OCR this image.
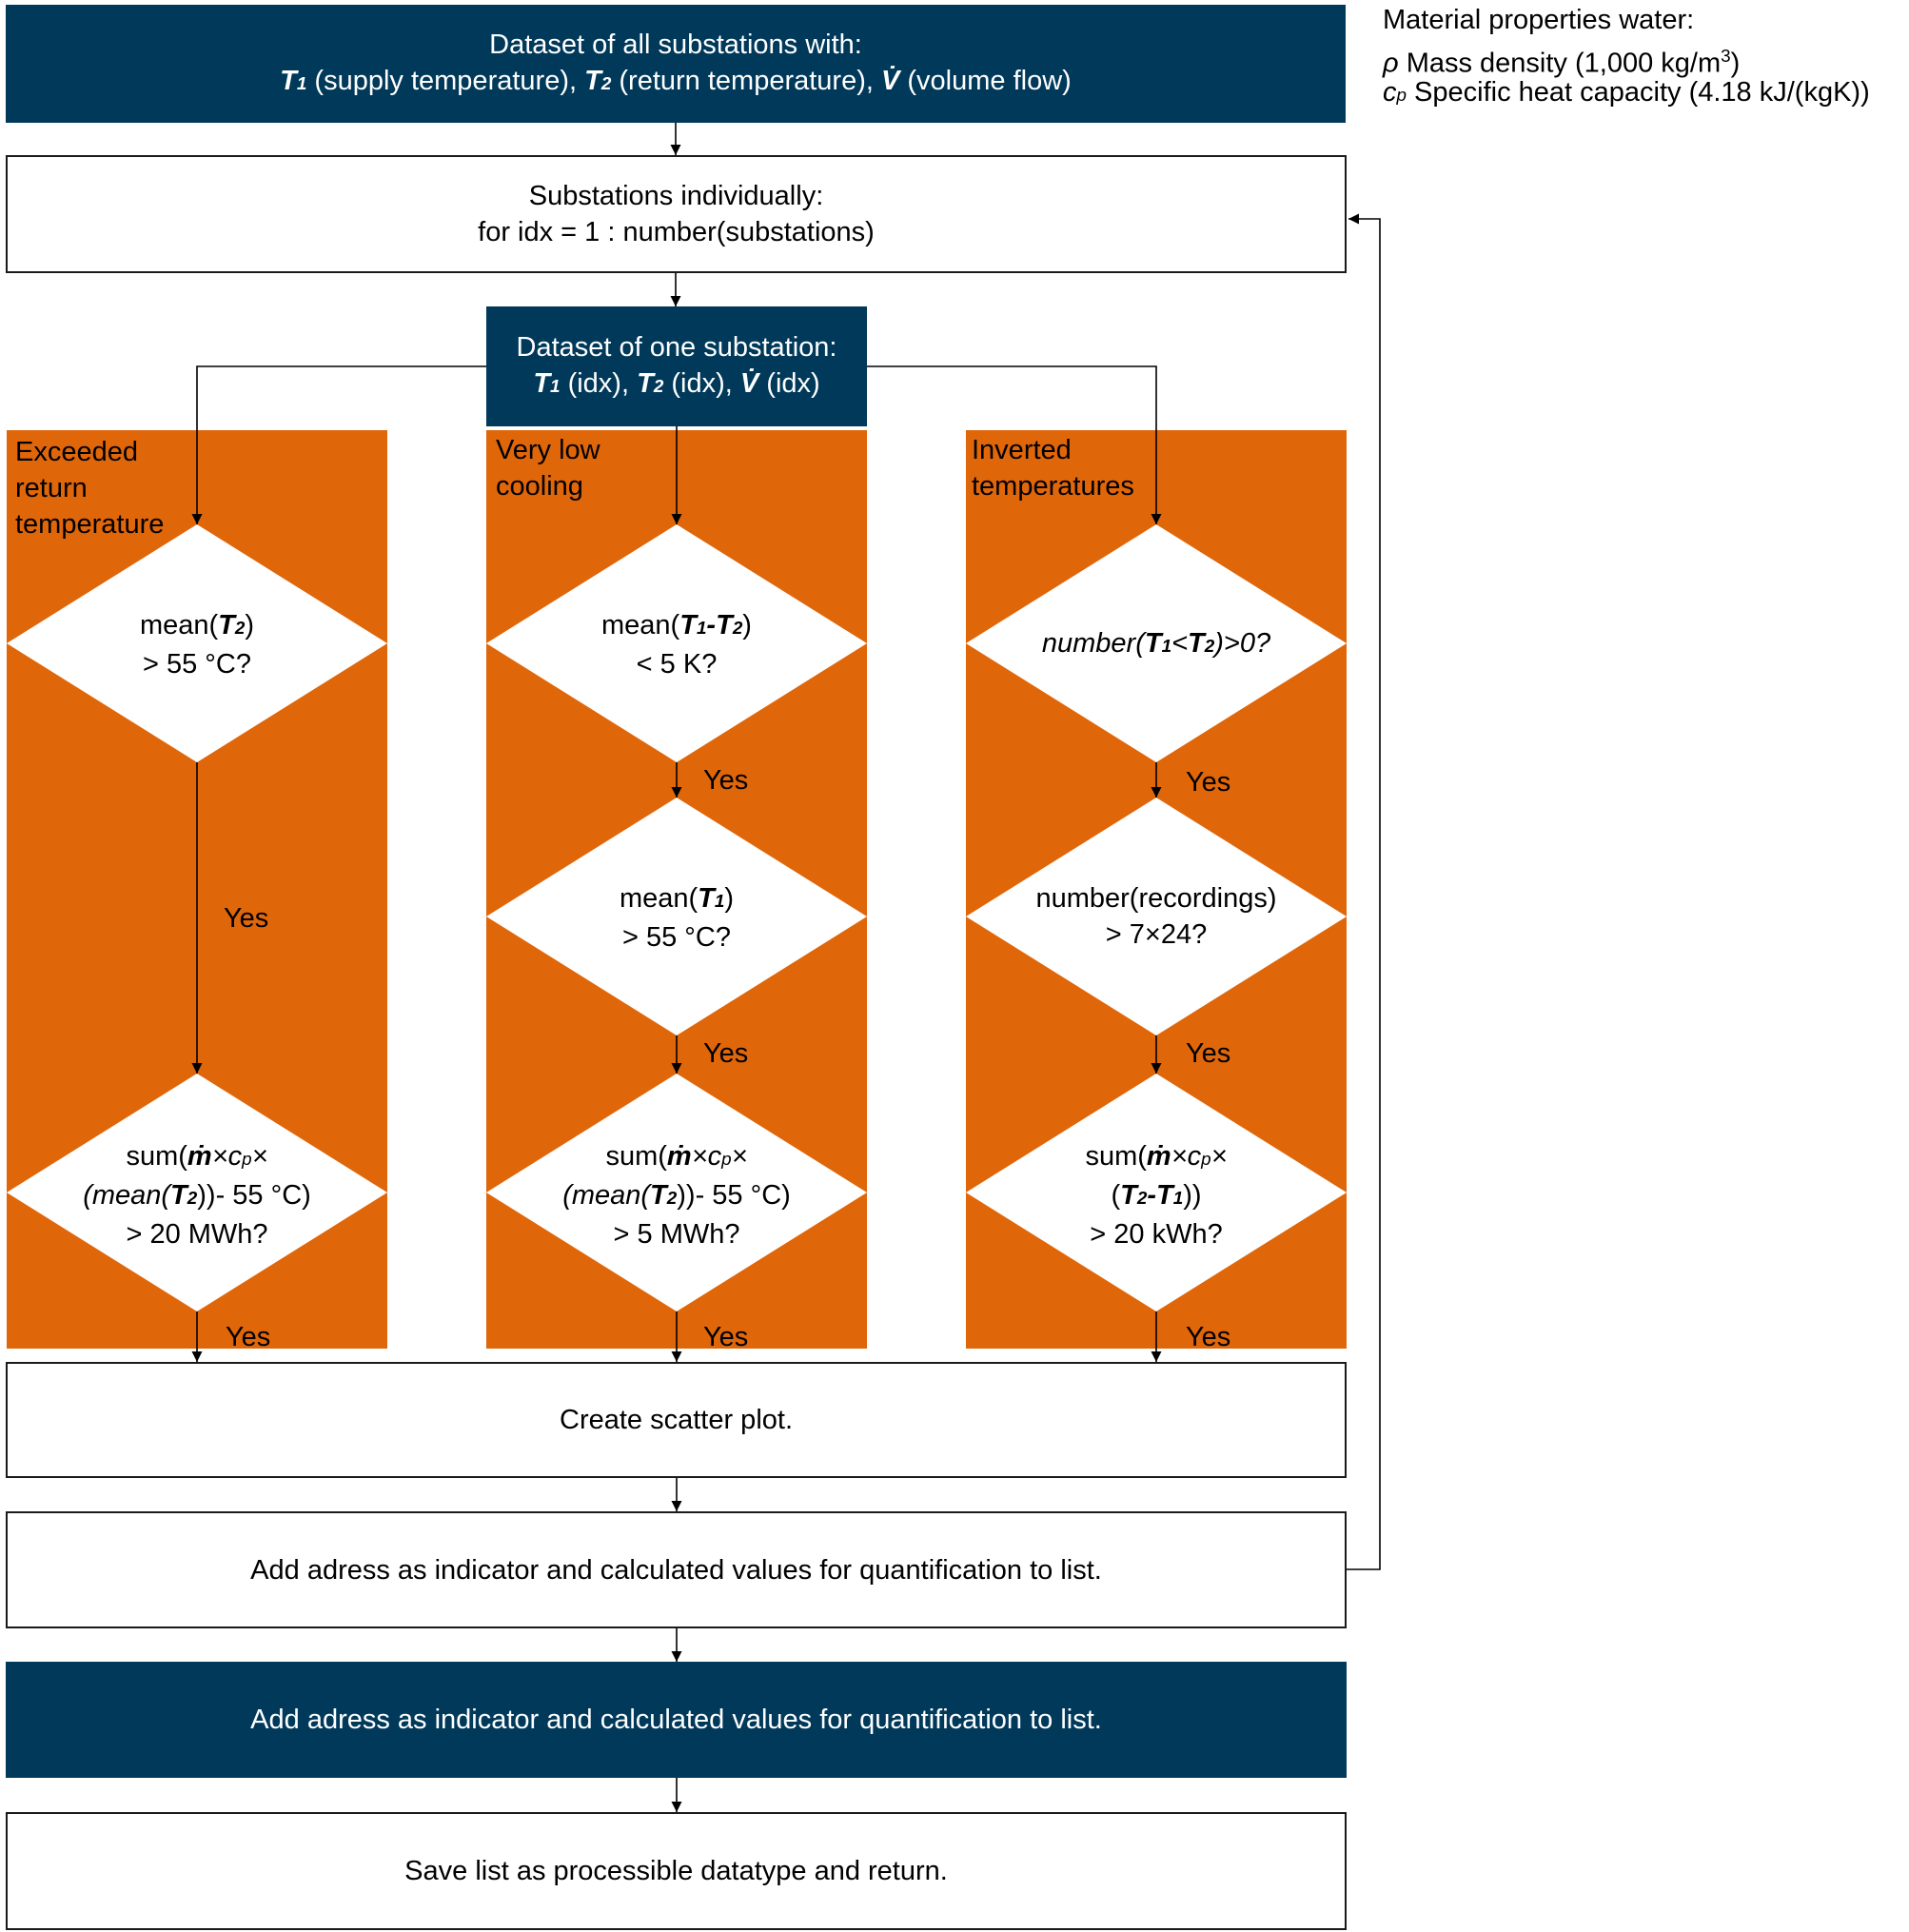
Dataset of all substations with:
T1 (supply temperature), T2 (return temperature), V̇ (volume flow)
Substations individually:
for idx = 1 : number(substations)
Dataset of one substation:
T1 (idx), T2 (idx), V̇ (idx)
Create scatter plot.
Add adress as indicator and calculated values for quantification to list.
Add adress as indicator and calculated values for quantification to list.
Save list as processible datatype and return.
Material properties water:
ρ Mass density (1,000 $kg/m^3$)
cp Specific heat capacity (4.18 kJ/(kgK))
Exceeded
return
temperature
Very low
cooling
Inverted
temperatures
mean(T2)
> 55 °C?
sum(ṁ×cp×
(mean(T2))- 55 °C)
> 20 MWh?
mean(T1-T2)
< 5 K?
mean(T1)
> 55 °C?
sum(ṁ×cp×
(mean(T2))- 55 °C)
> 5 MWh?
number(T1<T2)>0?
number(recordings)
> 7×24?
sum(ṁ×cp×
(T2-T1))
> 20 kWh?
Yes
Yes
Yes
Yes
Yes
Yes
Yes
Yes
